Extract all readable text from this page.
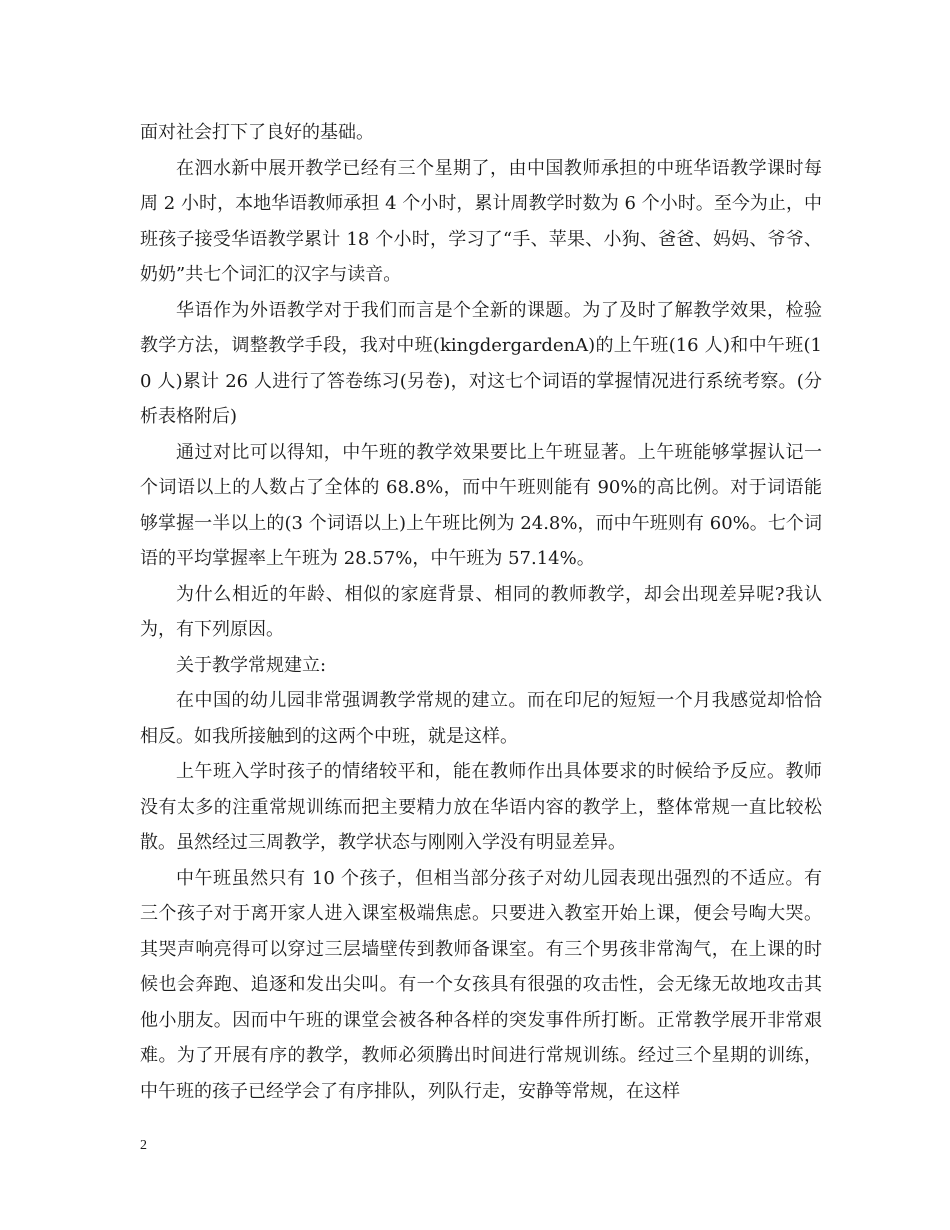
面对社会打下了良好的基础。

在泗水新中展开教学已经有三个星期了，由中国教师承担的中班华语教学课时每周 2 小时，本地华语教师承担 4 个小时，累计周教学时数为 6 个小时。至今为止，中班孩子接受华语教学累计 18 个小时，学习了“手、苹果、小狗、爸爸、妈妈、爷爷、奶奶”共七个词汇的汉字与读音。

华语作为外语教学对于我们而言是个全新的课题。为了及时了解教学效果，检验教学方法，调整教学手段，我对中班(kingdergardenA)的上午班(16 人)和中午班(10 人)累计 26 人进行了答卷练习(另卷)，对这七个词语的掌握情况进行系统考察。(分析表格附后)

通过对比可以得知，中午班的教学效果要比上午班显著。上午班能够掌握认记一个词语以上的人数占了全体的 68.8%，而中午班则能有 90%的高比例。对于词语能够掌握一半以上的(3 个词语以上)上午班比例为 24.8%，而中午班则有 60%。七个词语的平均掌握率上午班为 28.57%，中午班为 57.14%。

为什么相近的年龄、相似的家庭背景、相同的教师教学，却会出现差异呢?我认为，有下列原因。

关于教学常规建立:

在中国的幼儿园非常强调教学常规的建立。而在印尼的短短一个月我感觉却恰恰相反。如我所接触到的这两个中班，就是这样。

上午班入学时孩子的情绪较平和，能在教师作出具体要求的时候给予反应。教师没有太多的注重常规训练而把主要精力放在华语内容的教学上，整体常规一直比较松散。虽然经过三周教学，教学状态与刚刚入学没有明显差异。

中午班虽然只有 10 个孩子，但相当部分孩子对幼儿园表现出强烈的不适应。有三个孩子对于离开家人进入课室极端焦虑。只要进入教室开始上课，便会号啕大哭。其哭声响亮得可以穿过三层墙壁传到教师备课室。有三个男孩非常淘气，在上课的时候也会奔跑、追逐和发出尖叫。有一个女孩具有很强的攻击性，会无缘无故地攻击其他小朋友。因而中午班的课堂会被各种各样的突发事件所打断。正常教学展开非常艰难。为了开展有序的教学，教师必须腾出时间进行常规训练。经过三个星期的训练，中午班的孩子已经学会了有序排队，列队行走，安静等常规，在这样

2
